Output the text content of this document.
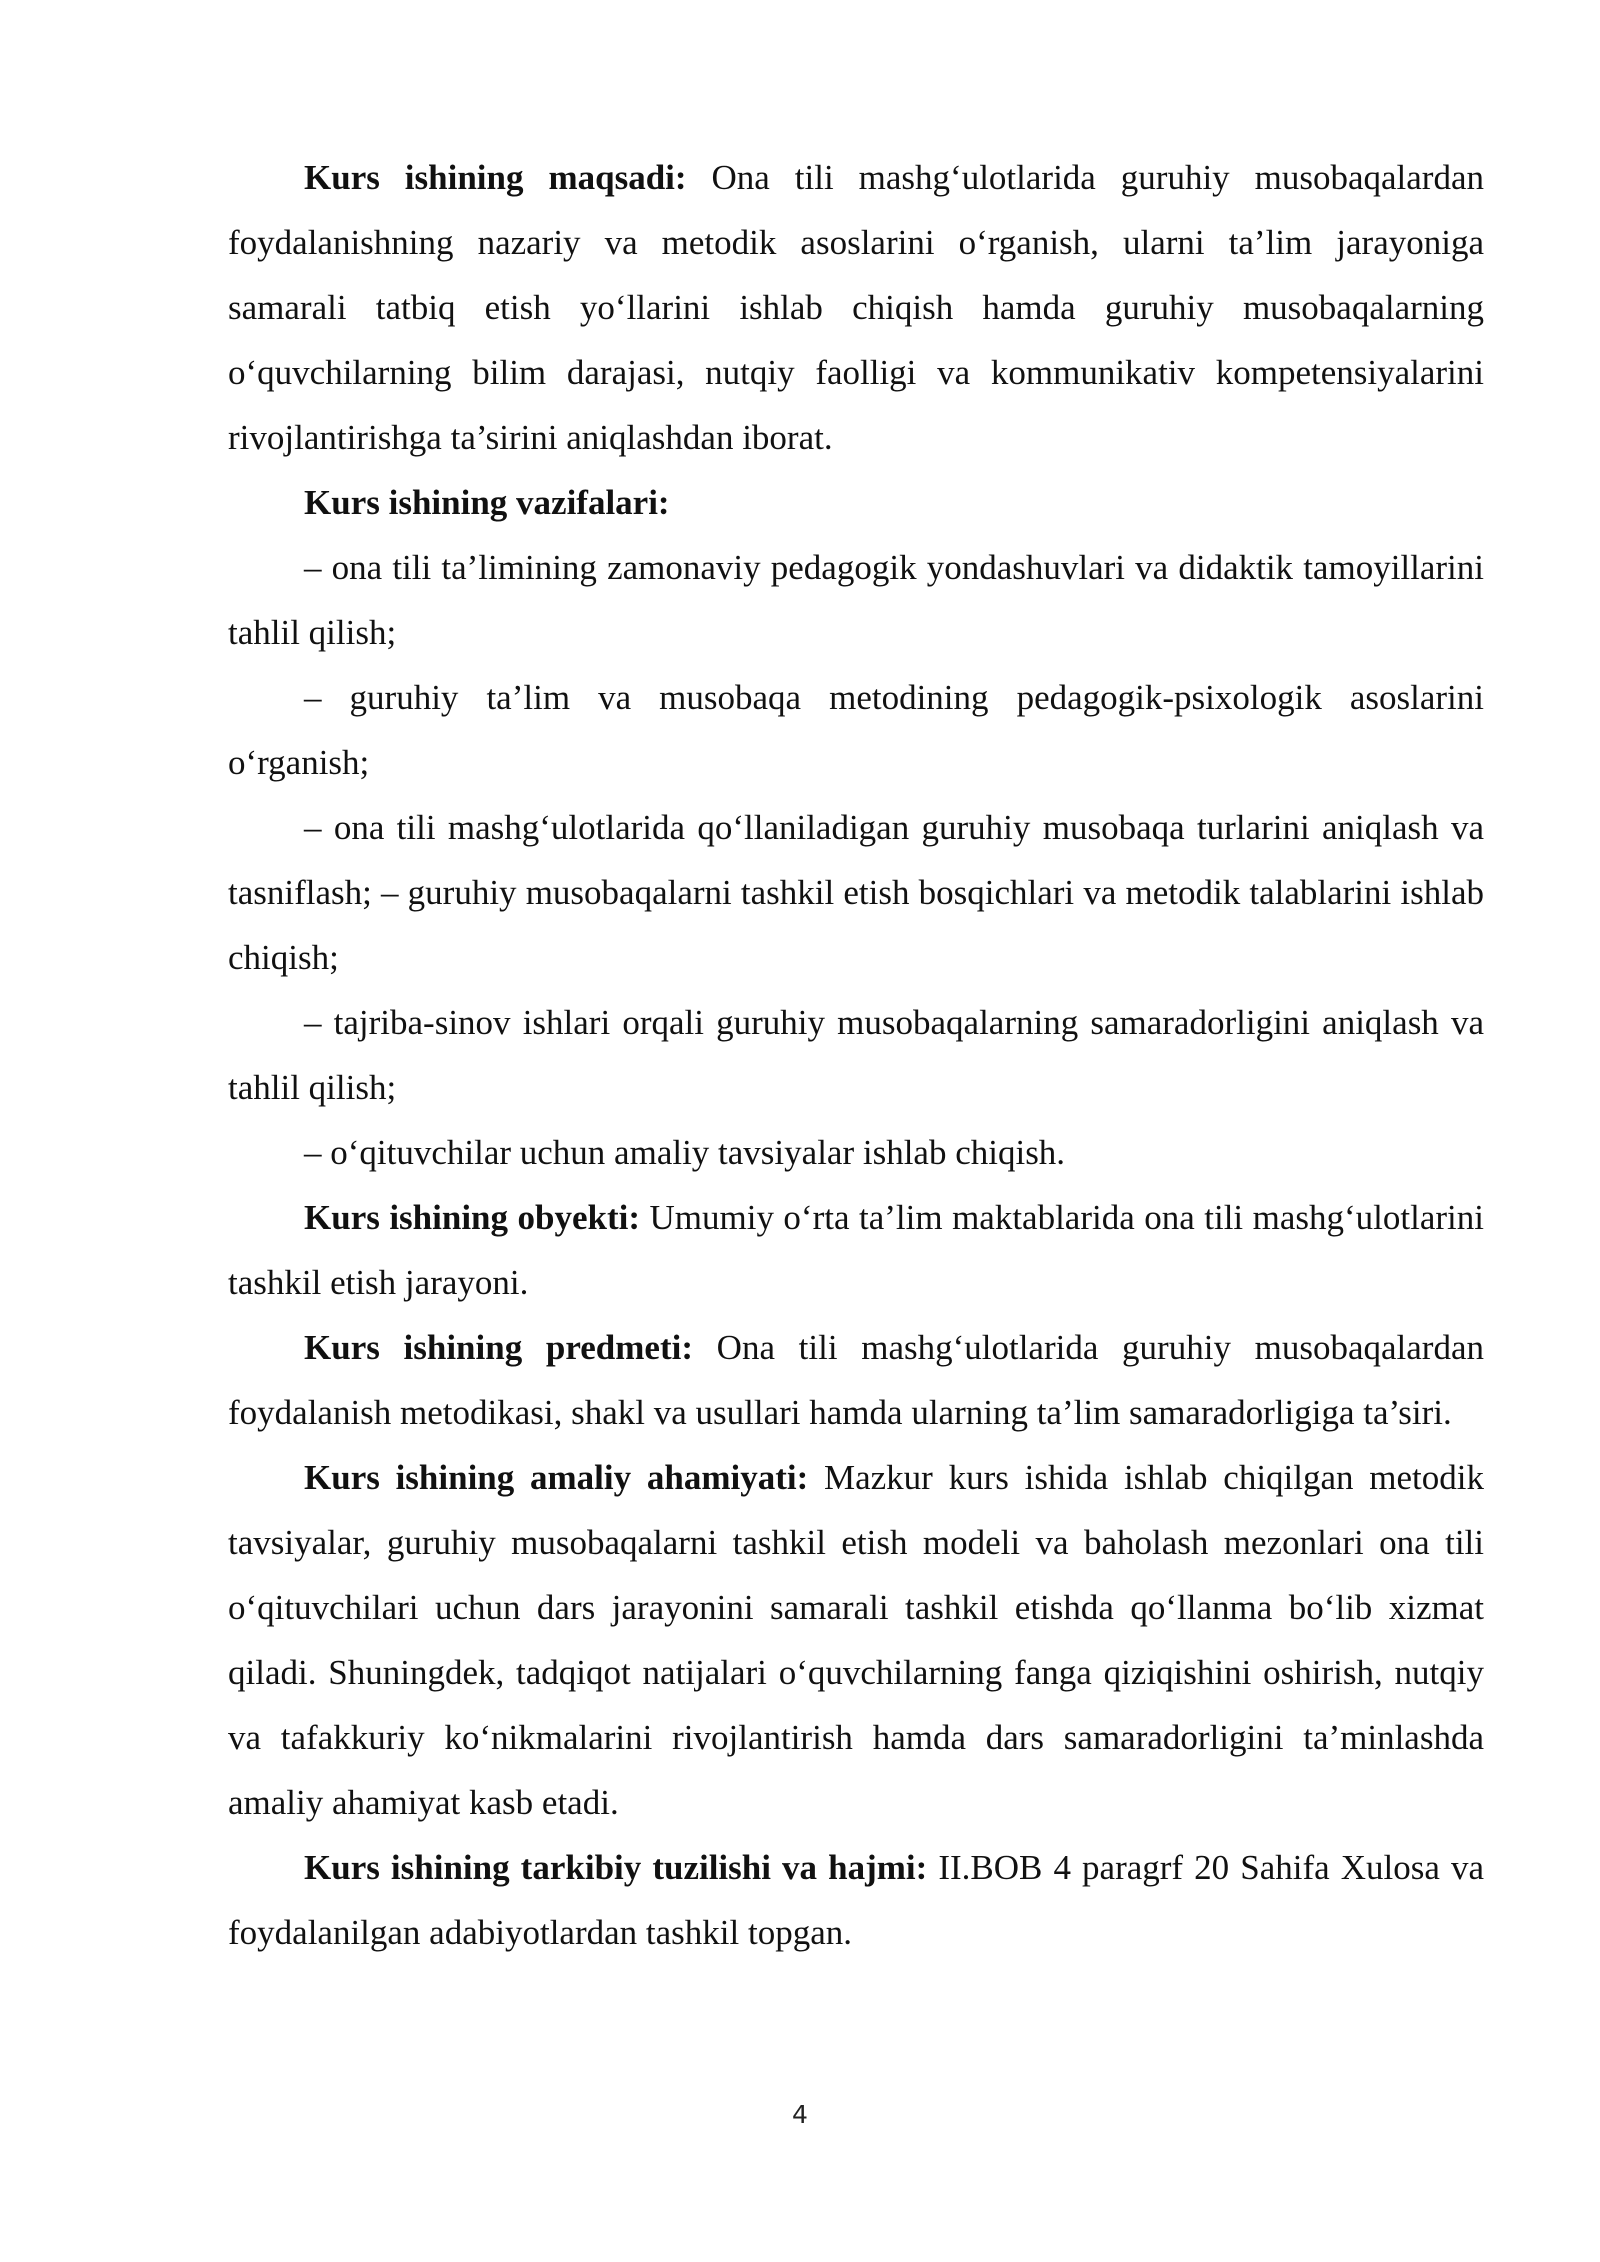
Kurs ishining maqsadi: Ona tili mashg‘ulotlarida guruhiy musobaqalardan foydalanishning nazariy va metodik asoslarini o‘rganish, ularni ta’lim jarayoniga samarali tatbiq etish yo‘llarini ishlab chiqish hamda guruhiy musobaqalarning o‘quvchilarning bilim darajasi, nutqiy faolligi va kommunikativ kompetensiyalarini rivojlantirishga ta’sirini aniqlashdan iborat.

Kurs ishining vazifalari:

– ona tili ta’limining zamonaviy pedagogik yondashuvlari va didaktik tamoyillarini tahlil qilish;

– guruhiy ta’lim va musobaqa metodining pedagogik-psixologik asoslarini o‘rganish;

– ona tili mashg‘ulotlarida qo‘llaniladigan guruhiy musobaqa turlarini aniqlash va tasniflash; – guruhiy musobaqalarni tashkil etish bosqichlari va metodik talablarini ishlab chiqish;

– tajriba-sinov ishlari orqali guruhiy musobaqalarning samaradorligini aniqlash va tahlil qilish;

– o‘qituvchilar uchun amaliy tavsiyalar ishlab chiqish.

Kurs ishining obyekti: Umumiy o‘rta ta’lim maktablarida ona tili mashg‘ulotlarini tashkil etish jarayoni.

Kurs ishining predmeti: Ona tili mashg‘ulotlarida guruhiy musobaqalardan foydalanish metodikasi, shakl va usullari hamda ularning ta’lim samaradorligiga ta’siri.

Kurs ishining amaliy ahamiyati: Mazkur kurs ishida ishlab chiqilgan metodik tavsiyalar, guruhiy musobaqalarni tashkil etish modeli va baholash mezonlari ona tili o‘qituvchilari uchun dars jarayonini samarali tashkil etishda qo‘llanma bo‘lib xizmat qiladi. Shuningdek, tadqiqot natijalari o‘quvchilarning fanga qiziqishini oshirish, nutqiy va tafakkuriy ko‘nikmalarini rivojlantirish hamda dars samaradorligini ta’minlashda amaliy ahamiyat kasb etadi.

Kurs ishining tarkibiy tuzilishi va hajmi: II.BOB 4 paragrf 20 Sahifa Xulosa va foydalanilgan adabiyotlardan tashkil topgan.

4
